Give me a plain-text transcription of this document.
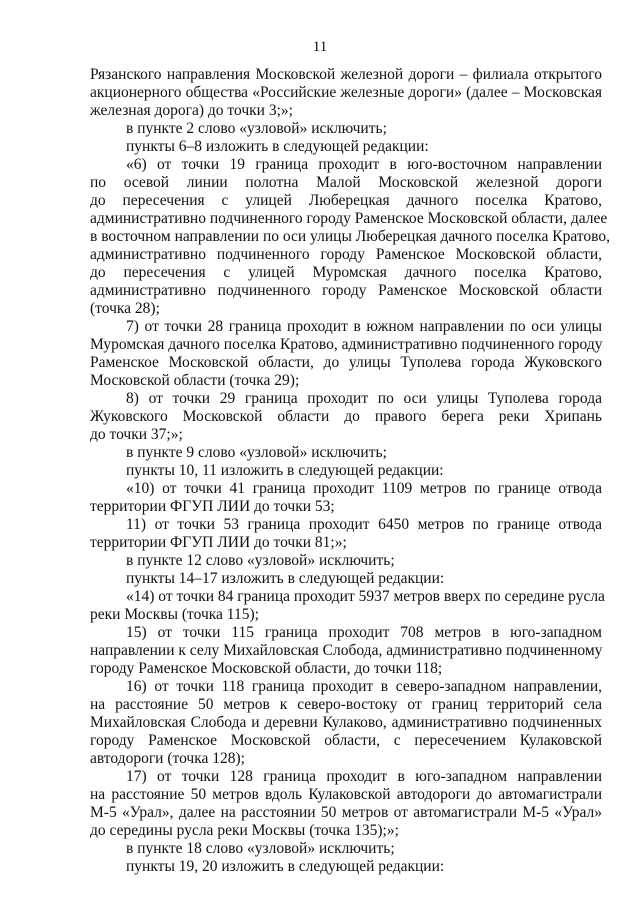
11
Рязанского направления Московской железной дороги – филиала открытого
акционерного общества «Российские железные дороги» (далее – Московская
железная дорога) до точки 3;»;
в пункте 2 слово «узловой» исключить;
пункты 6–8 изложить в следующей редакции:
«6) от точки 19 граница проходит в юго-восточном направлении
по осевой линии полотна Малой Московской железной дороги
до пересечения с улицей Люберецкая дачного поселка Кратово,
административно подчиненного городу Раменское Московской области, далее
в восточном направлении по оси улицы Люберецкая дачного поселка Кратово,
административно подчиненного городу Раменское Московской области,
до пересечения с улицей Муромская дачного поселка Кратово,
административно подчиненного городу Раменское Московской области
(точка 28);
7) от точки 28 граница проходит в южном направлении по оси улицы
Муромская дачного поселка Кратово, административно подчиненного городу
Раменское Московской области, до улицы Туполева города Жуковского
Московской области (точка 29);
8) от точки 29 граница проходит по оси улицы Туполева города
Жуковского Московской области до правого берега реки Хрипань
до точки 37;»;
в пункте 9 слово «узловой» исключить;
пункты 10, 11 изложить в следующей редакции:
«10) от точки 41 граница проходит 1109 метров по границе отвода
территории ФГУП ЛИИ до точки 53;
11) от точки 53 граница проходит 6450 метров по границе отвода
территории ФГУП ЛИИ до точки 81;»;
в пункте 12 слово «узловой» исключить;
пункты 14–17 изложить в следующей редакции:
«14) от точки 84 граница проходит 5937 метров вверх по середине русла
реки Москвы (точка 115);
15) от точки 115 граница проходит 708 метров в юго-западном
направлении к селу Михайловская Слобода, административно подчиненному
городу Раменское Московской области, до точки 118;
16) от точки 118 граница проходит в северо-западном направлении,
на расстояние 50 метров к северо-востоку от границ территорий села
Михайловская Слобода и деревни Кулаково, административно подчиненных
городу Раменское Московской области, с пересечением Кулаковской
автодороги (точка 128);
17) от точки 128 граница проходит в юго-западном направлении
на расстояние 50 метров вдоль Кулаковской автодороги до автомагистрали
М-5 «Урал», далее на расстоянии 50 метров от автомагистрали М-5 «Урал»
до середины русла реки Москвы (точка 135);»;
в пункте 18 слово «узловой» исключить;
пункты 19, 20 изложить в следующей редакции:
